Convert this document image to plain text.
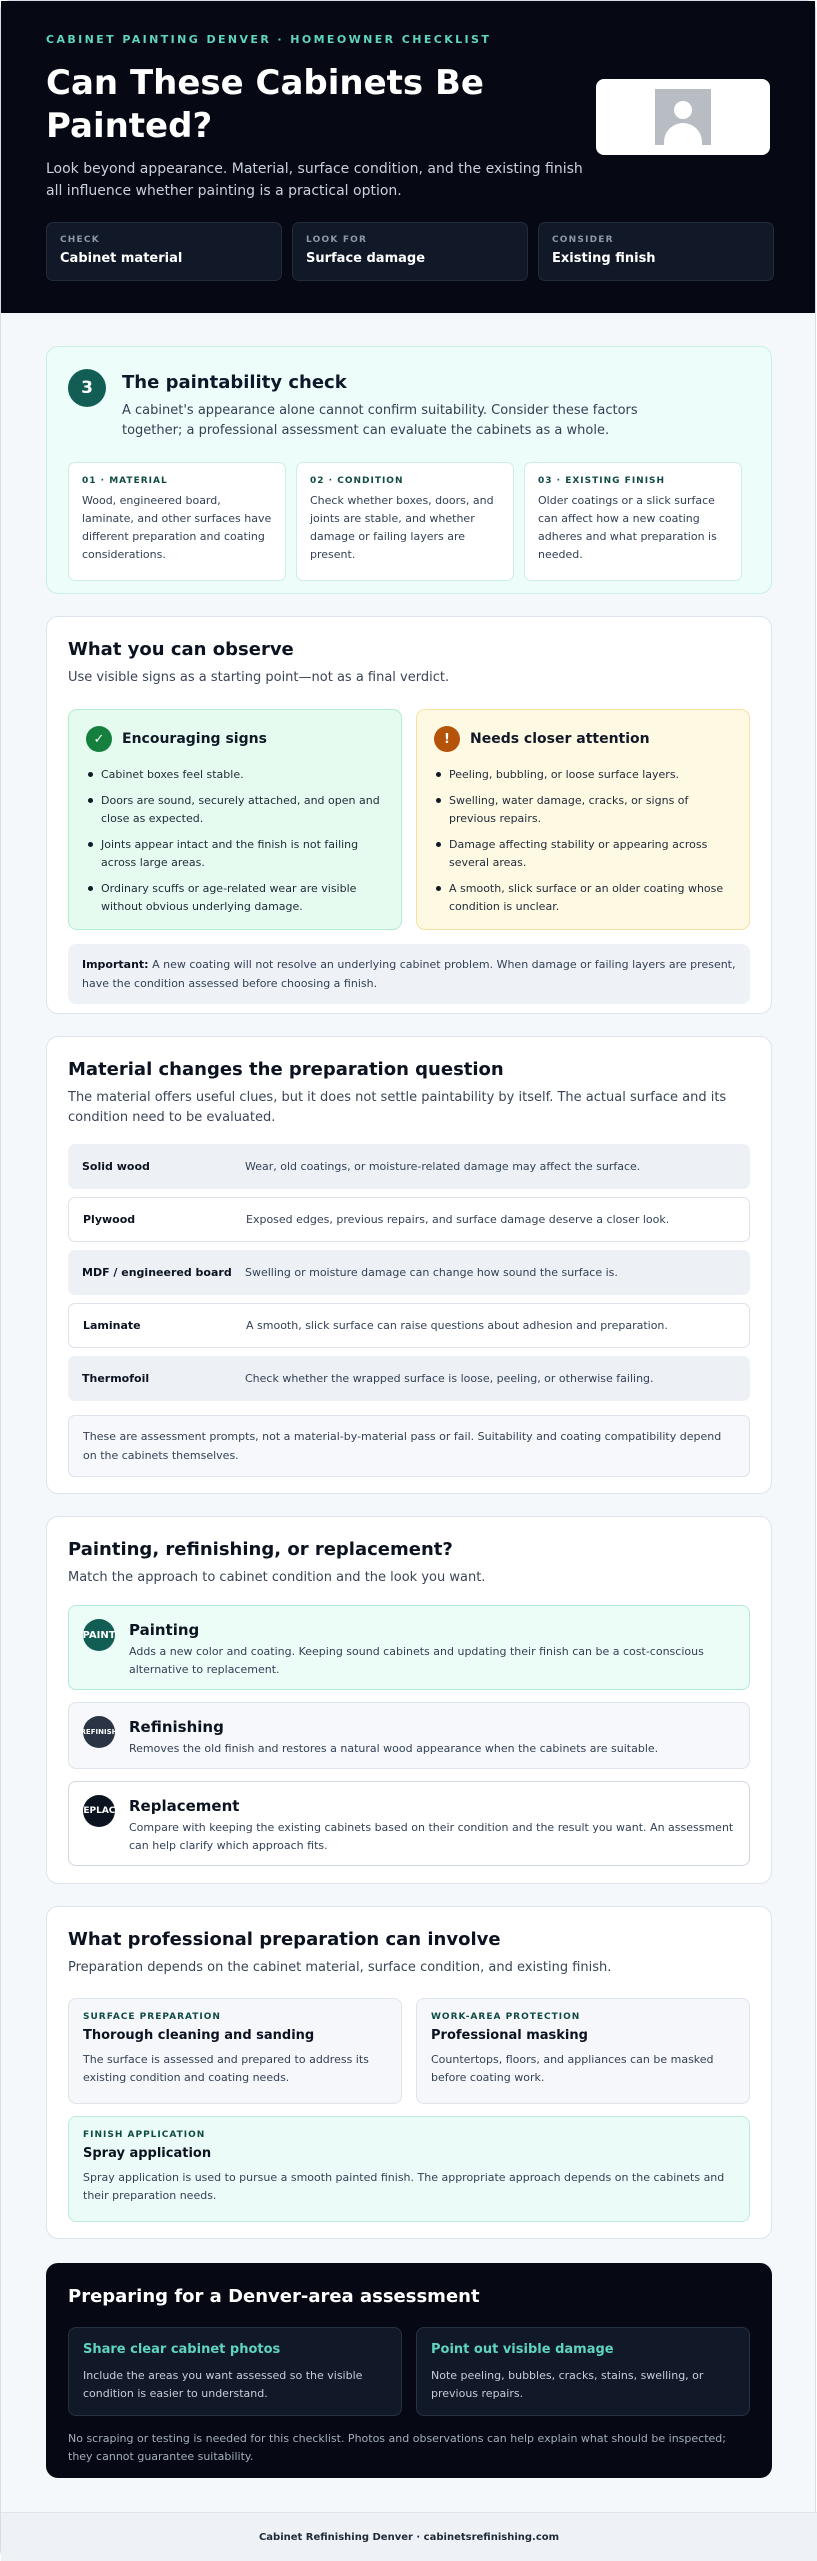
CABINET PAINTING DENVER · HOMEOWNER CHECKLIST
Can These Cabinets Be Painted?

Look beyond appearance. Material, surface condition, and the existing finish all influence whether painting is a practical option.

CHECK
Cabinet material
LOOK FOR
Surface damage
CONSIDER
Existing finish
3	The paintability check

A cabinet's appearance alone cannot confirm suitability. Consider these factors together; a professional assessment can evaluate the cabinets as a whole.

01 · MATERIAL
Wood, engineered board, laminate, and other surfaces have different preparation and coating considerations.
02 · CONDITION
Check whether boxes, doors, and joints are stable, and whether damage or failing layers are present.
03 · EXISTING FINISH
Older coatings or a slick surface can affect how a new coating adheres and what preparation is needed.
What you can observe

Use visible signs as a starting point—not as a final verdict.

✓	Encouraging signs
Cabinet boxes feel stable.
Doors are sound, securely attached, and open and close as expected.
Joints appear intact and the finish is not failing across large areas.
Ordinary scuffs or age-related wear are visible without obvious underlying damage.
!	Needs closer attention
Peeling, bubbling, or loose surface layers.
Swelling, water damage, cracks, or signs of previous repairs.
Damage affecting stability or appearing across several areas.
A smooth, slick surface or an older coating whose condition is unclear.
Important: A new coating will not resolve an underlying cabinet problem. When damage or failing layers are present, have the condition assessed before choosing a finish.
Material changes the preparation question

The material offers useful clues, but it does not settle paintability by itself. The actual surface and its condition need to be evaluated.

Solid wood	Wear, old coatings, or moisture-related damage may affect the surface.
Plywood	Exposed edges, previous repairs, and surface damage deserve a closer look.
MDF / engineered board	Swelling or moisture damage can change how sound the surface is.
Laminate	A smooth, slick surface can raise questions about adhesion and preparation.
Thermofoil	Check whether the wrapped surface is loose, peeling, or otherwise failing.
These are assessment prompts, not a material-by-material pass or fail. Suitability and coating compatibility depend on the cabinets themselves.
Painting, refinishing, or replacement?

Match the approach to cabinet condition and the look you want.

PAINT Painting
Adds a new color and coating. Keeping sound cabinets and updating their finish can be a cost-conscious alternative to replacement.
REFINISH Refinishing
Removes the old finish and restores a natural wood appearance when the cabinets are suitable.
REPLACE Replacement
Compare with keeping the existing cabinets based on their condition and the result you want. An assessment can help clarify which approach fits.
What professional preparation can involve

Preparation depends on the cabinet material, surface condition, and existing finish.

SURFACE PREPARATION
Thorough cleaning and sanding
The surface is assessed and prepared to address its existing condition and coating needs.
WORK-AREA PROTECTION
Professional masking
Countertops, floors, and appliances can be masked before coating work.
FINISH APPLICATION
Spray application
Spray application is used to pursue a smooth painted finish. The appropriate approach depends on the cabinets and their preparation needs.
Preparing for a Denver-area assessment
Share clear cabinet photos
Include the areas you want assessed so the visible condition is easier to understand.
Point out visible damage
Note peeling, bubbles, cracks, stains, swelling, or previous repairs.

No scraping or testing is needed for this checklist. Photos and observations can help explain what should be inspected; they cannot guarantee suitability.

Cabinet Refinishing Denver · cabinetsrefinishing.com
